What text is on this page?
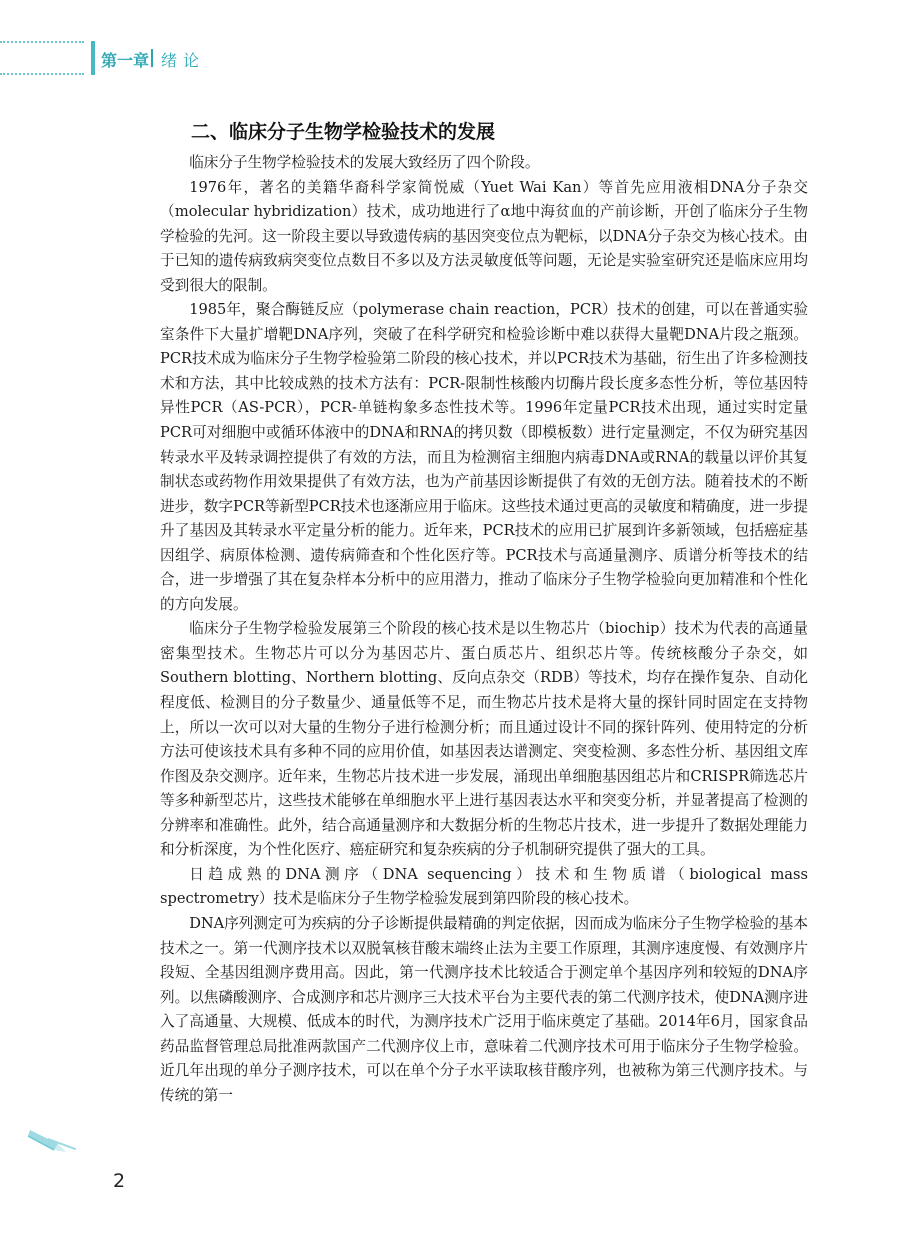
第一章 绪论
二、临床分子生物学检验技术的发展

临床分子生物学检验技术的发展大致经历了四个阶段。

1976年，著名的美籍华裔科学家简悦威（Yuet Wai Kan）等首先应用液相DNA分子杂交（molecular hybridization）技术，成功地进行了α地中海贫血的产前诊断，开创了临床分子生物学检验的先河。这一阶段主要以导致遗传病的基因突变位点为靶标，以DNA分子杂交为核心技术。由于已知的遗传病致病突变位点数目不多以及方法灵敏度低等问题，无论是实验室研究还是临床应用均受到很大的限制。

1985年，聚合酶链反应（polymerase chain reaction，PCR）技术的创建，可以在普通实验室条件下大量扩增靶DNA序列，突破了在科学研究和检验诊断中难以获得大量靶DNA片段之瓶颈。PCR技术成为临床分子生物学检验第二阶段的核心技术，并以PCR技术为基础，衍生出了许多检测技术和方法，其中比较成熟的技术方法有：PCR-限制性核酸内切酶片段长度多态性分析，等位基因特异性PCR（AS-PCR），PCR-单链构象多态性技术等。1996年定量PCR技术出现，通过实时定量PCR可对细胞中或循环体液中的DNA和RNA的拷贝数（即模板数）进行定量测定，不仅为研究基因转录水平及转录调控提供了有效的方法，而且为检测宿主细胞内病毒DNA或RNA的载量以评价其复制状态或药物作用效果提供了有效方法，也为产前基因诊断提供了有效的无创方法。随着技术的不断进步，数字PCR等新型PCR技术也逐渐应用于临床。这些技术通过更高的灵敏度和精确度，进一步提升了基因及其转录水平定量分析的能力。近年来，PCR技术的应用已扩展到许多新领域，包括癌症基因组学、病原体检测、遗传病筛查和个性化医疗等。PCR技术与高通量测序、质谱分析等技术的结合，进一步增强了其在复杂样本分析中的应用潜力，推动了临床分子生物学检验向更加精准和个性化的方向发展。

临床分子生物学检验发展第三个阶段的核心技术是以生物芯片（biochip）技术为代表的高通量密集型技术。生物芯片可以分为基因芯片、蛋白质芯片、组织芯片等。传统核酸分子杂交，如Southern blotting、Northern blotting、反向点杂交（RDB）等技术，均存在操作复杂、自动化程度低、检测目的分子数量少、通量低等不足，而生物芯片技术是将大量的探针同时固定在支持物上，所以一次可以对大量的生物分子进行检测分析；而且通过设计不同的探针阵列、使用特定的分析方法可使该技术具有多种不同的应用价值，如基因表达谱测定、突变检测、多态性分析、基因组文库作图及杂交测序。近年来，生物芯片技术进一步发展，涌现出单细胞基因组芯片和CRISPR筛选芯片等多种新型芯片，这些技术能够在单细胞水平上进行基因表达水平和突变分析，并显著提高了检测的分辨率和准确性。此外，结合高通量测序和大数据分析的生物芯片技术，进一步提升了数据处理能力和分析深度，为个性化医疗、癌症研究和复杂疾病的分子机制研究提供了强大的工具。

日趋成熟的DNA测序（DNA sequencing）技术和生物质谱（biological mass spectrometry）技术是临床分子生物学检验发展到第四阶段的核心技术。

DNA序列测定可为疾病的分子诊断提供最精确的判定依据，因而成为临床分子生物学检验的基本技术之一。第一代测序技术以双脱氧核苷酸末端终止法为主要工作原理，其测序速度慢、有效测序片段短、全基因组测序费用高。因此，第一代测序技术比较适合于测定单个基因序列和较短的DNA序列。以焦磷酸测序、合成测序和芯片测序三大技术平台为主要代表的第二代测序技术，使DNA测序进入了高通量、大规模、低成本的时代，为测序技术广泛用于临床奠定了基础。2014年6月，国家食品药品监督管理总局批准两款国产二代测序仪上市，意味着二代测序技术可用于临床分子生物学检验。近几年出现的单分子测序技术，可以在单个分子水平读取核苷酸序列，也被称为第三代测序技术。与传统的第一

2
